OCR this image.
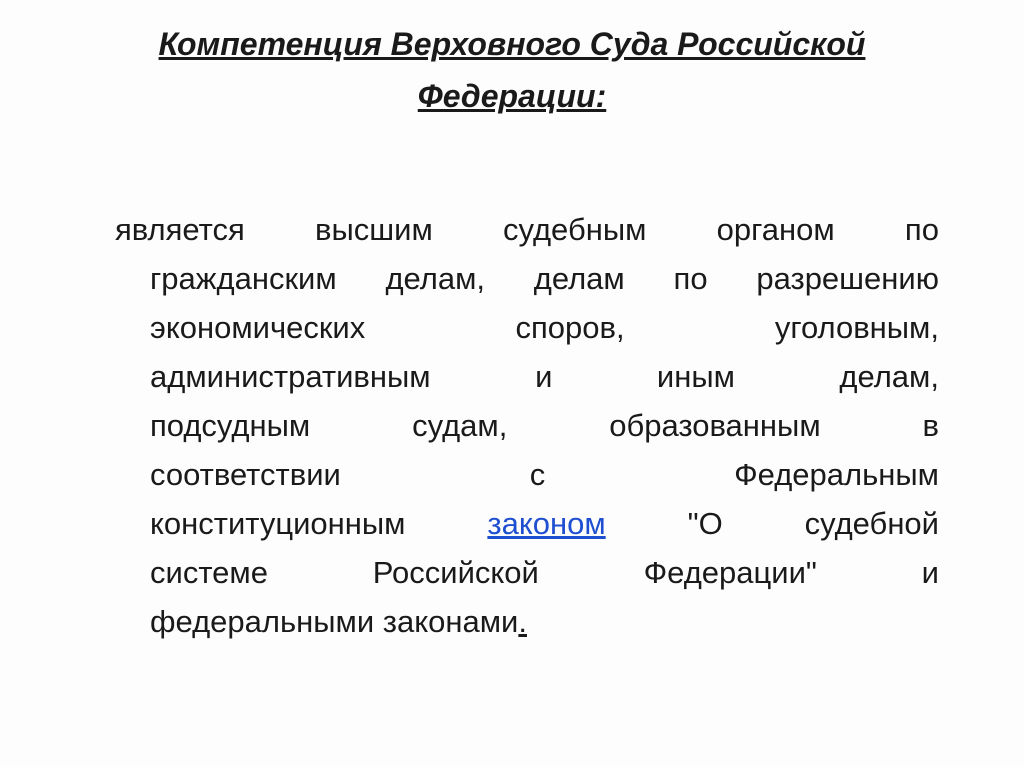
Компетенция Верховного Суда Российской
Федерации:
является высшим судебным органом по
гражданским делам, делам по разрешению
экономических	споров,	уголовным,
административным	и	иным	делам,
подсудным	судам,	образованным	в
соответствии	с	Федеральным
конституционным	законом	"О	судебной
системе	Российской	Федерации"	и
федеральными законами .
